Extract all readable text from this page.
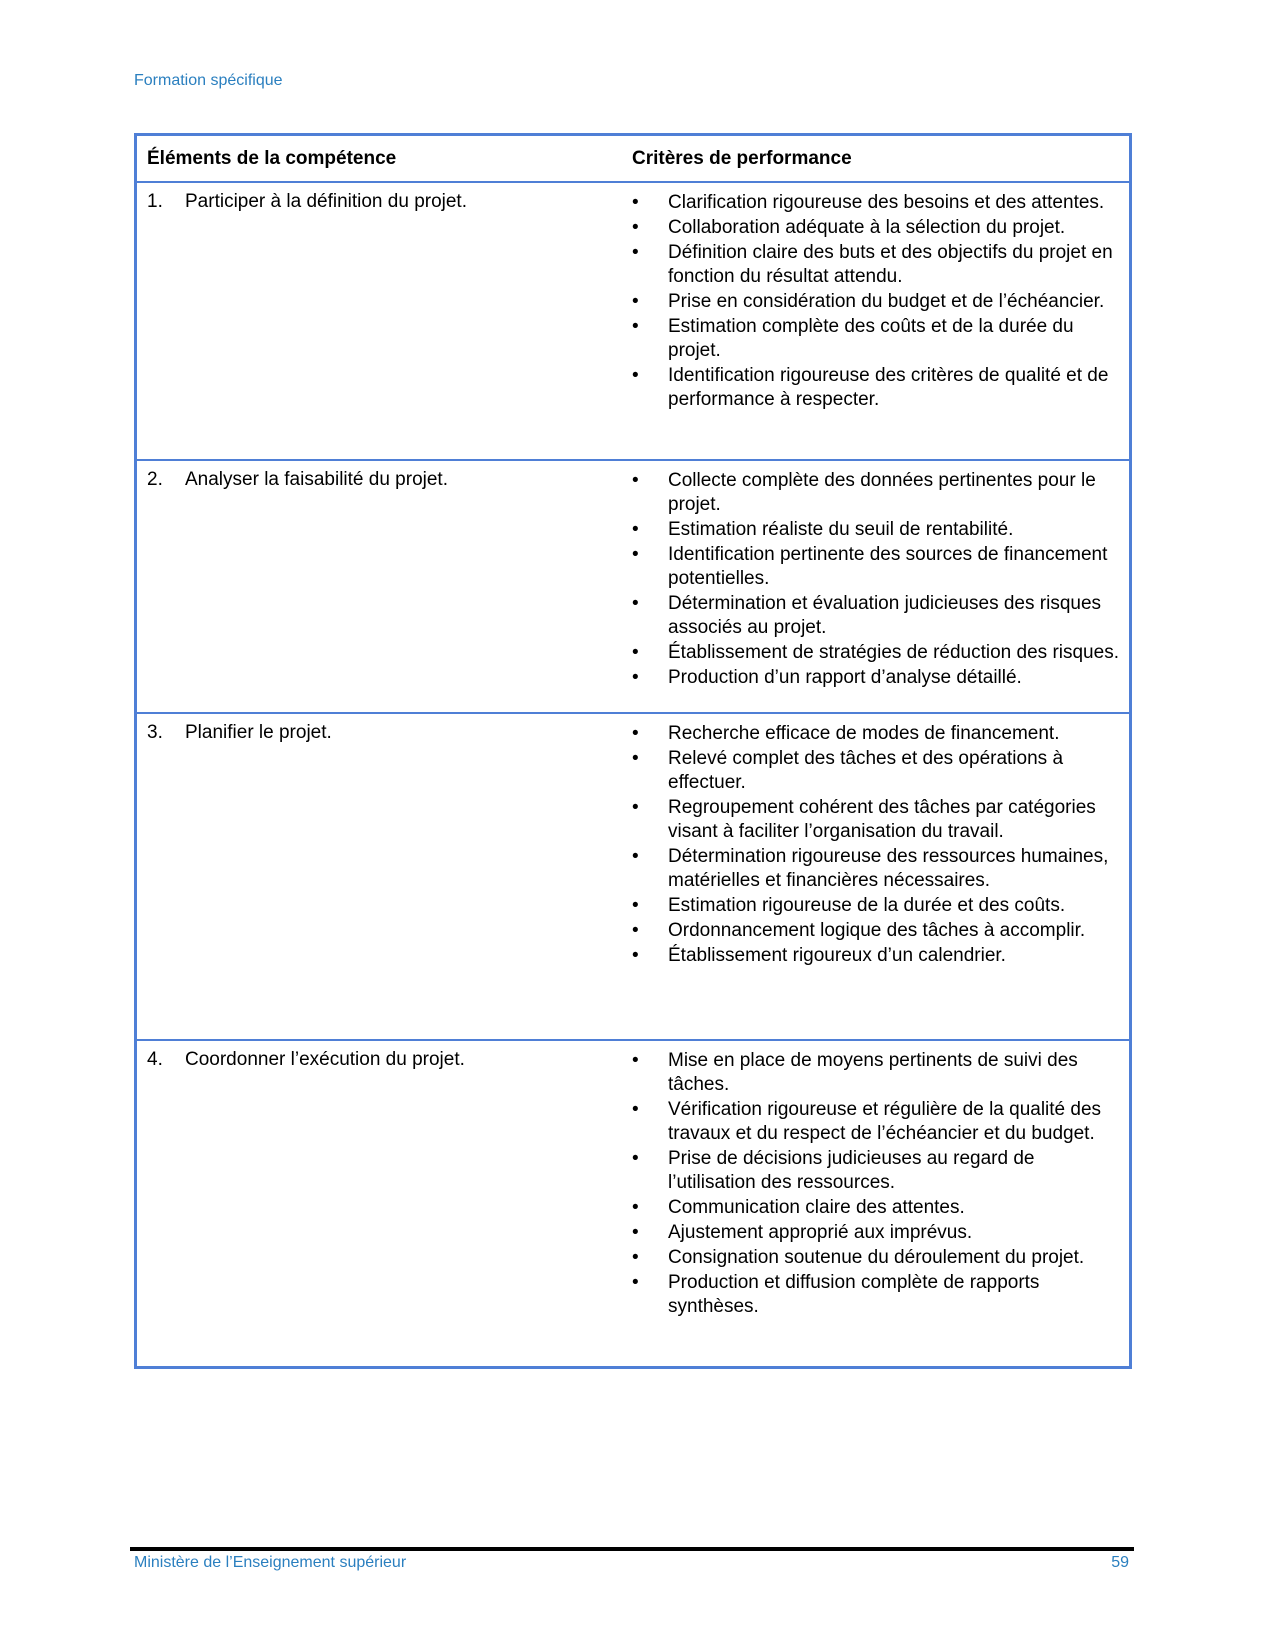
Formation spécifique
Éléments de la compétence	Critères de performance
1.	Participer à la définition du projet.	• Clarification rigoureuse des besoins et des attentes.
• Collaboration adéquate à la sélection du projet.
• Définition claire des buts et des objectifs du projet en fonction du résultat attendu.
• Prise en considération du budget et de l’échéancier.
• Estimation complète des coûts et de la durée du projet.
• Identification rigoureuse des critères de qualité et de performance à respecter.
2.	Analyser la faisabilité du projet.	• Collecte complète des données pertinentes pour le projet.
• Estimation réaliste du seuil de rentabilité.
• Identification pertinente des sources de financement potentielles.
• Détermination et évaluation judicieuses des risques associés au projet.
• Établissement de stratégies de réduction des risques.
• Production d’un rapport d’analyse détaillé.
3.	Planifier le projet.	• Recherche efficace de modes de financement.
• Relevé complet des tâches et des opérations à effectuer.
• Regroupement cohérent des tâches par catégories visant à faciliter l’organisation du travail.
• Détermination rigoureuse des ressources humaines, matérielles et financières nécessaires.
• Estimation rigoureuse de la durée et des coûts.
• Ordonnancement logique des tâches à accomplir.
• Établissement rigoureux d’un calendrier.
4.	Coordonner l’exécution du projet.	• Mise en place de moyens pertinents de suivi des tâches.
• Vérification rigoureuse et régulière de la qualité des travaux et du respect de l’échéancier et du budget.
• Prise de décisions judicieuses au regard de l’utilisation des ressources.
• Communication claire des attentes.
• Ajustement approprié aux imprévus.
• Consignation soutenue du déroulement du projet.
• Production et diffusion complète de rapports synthèses.
Ministère de l’Enseignement supérieur	59
